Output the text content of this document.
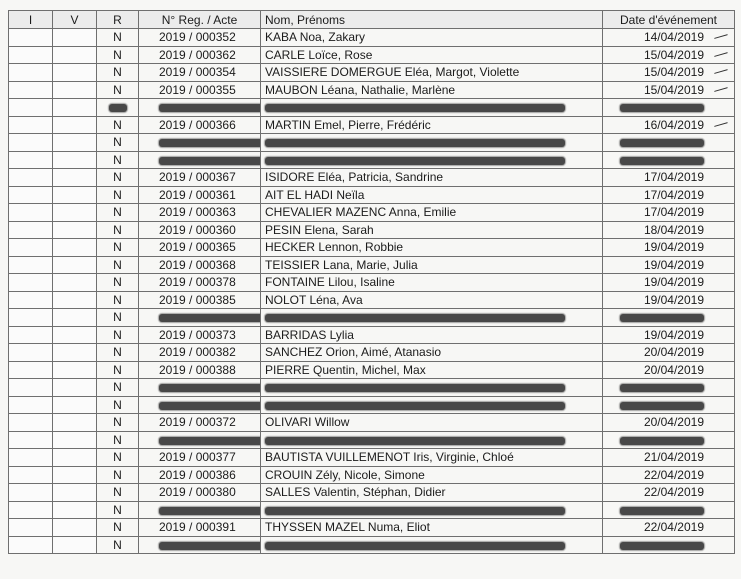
I	V	R	N° Reg. / Acte	Nom, Prénoms	Date d'événement
		N	2019 / 000352	KABA Noa, Zakary	14/04/2019

		N	2019 / 000362	CARLE Loïce, Rose	15/04/2019

		N	2019 / 000354	VAISSIERE DOMERGUE Eléa, Margot, Violette	15/04/2019

		N	2019 / 000355	MAUBON Léana, Nathalie, Marlène	15/04/2019

		N	2019 / 000366	MARTIN Emel, Pierre, Frédéric	16/04/2019

		N			
		N			
		N	2019 / 000367	ISIDORE Eléa, Patricia, Sandrine	17/04/2019
		N	2019 / 000361	AIT EL HADI Neïla	17/04/2019
		N	2019 / 000363	CHEVALIER MAZENC Anna, Emilie	17/04/2019
		N	2019 / 000360	PESIN Elena, Sarah	18/04/2019
		N	2019 / 000365	HECKER Lennon, Robbie	19/04/2019
		N	2019 / 000368	TEISSIER Lana, Marie, Julia	19/04/2019
		N	2019 / 000378	FONTAINE Lilou, Isaline	19/04/2019
		N	2019 / 000385	NOLOT Léna, Ava	19/04/2019
		N			
		N	2019 / 000373	BARRIDAS Lylia	19/04/2019
		N	2019 / 000382	SANCHEZ Orion, Aimé, Atanasio	20/04/2019
		N	2019 / 000388	PIERRE Quentin, Michel, Max	20/04/2019
		N			
		N			
		N	2019 / 000372	OLIVARI Willow	20/04/2019
		N			
		N	2019 / 000377	BAUTISTA VUILLEMENOT Iris, Virginie, Chloé	21/04/2019
		N	2019 / 000386	CROUIN Zély, Nicole, Simone	22/04/2019
		N	2019 / 000380	SALLES Valentin, Stéphan, Didier	22/04/2019
		N			
		N	2019 / 000391	THYSSEN MAZEL Numa, Eliot	22/04/2019
		N			
